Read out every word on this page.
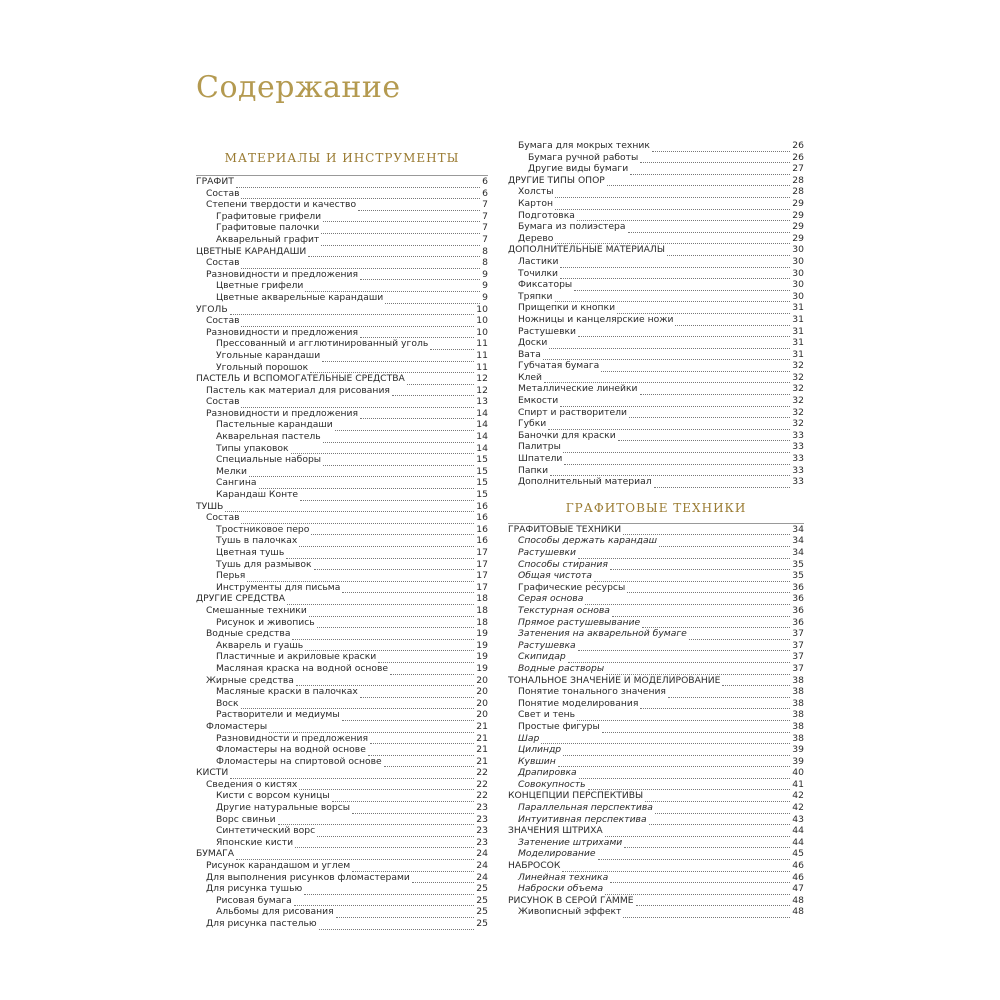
Содержание
МАТЕРИАЛЫ И ИНСТРУМЕНТЫ
ГРАФИТ	6
Состав	6
Степени твердости и качество	7
Графитовые грифели	7
Графитовые палочки	7
Акварельный графит	7
ЦВЕТНЫЕ КАРАНДАШИ	8
Состав	8
Разновидности и предложения	9
Цветные грифели	9
Цветные акварельные карандаши	9
УГОЛЬ	10
Состав	10
Разновидности и предложения	10
Прессованный и агглютинированный уголь	11
Угольные карандаши	11
Угольный порошок	11
ПАСТЕЛЬ И ВСПОМОГАТЕЛЬНЫЕ СРЕДСТВА	12
Пастель как материал для рисования	12
Состав	13
Разновидности и предложения	14
Пастельные карандаши	14
Акварельная пастель	14
Типы упаковок	14
Специальные наборы	15
Мелки	15
Сангина	15
Карандаш Конте	15
ТУШЬ	16
Состав	16
Тростниковое перо	16
Тушь в палочках	16
Цветная тушь	17
Тушь для размывок	17
Перья	17
Инструменты для письма	17
ДРУГИЕ СРЕДСТВА	18
Смешанные техники	18
Рисунок и живопись	18
Водные средства	19
Акварель и гуашь	19
Пластичные и акриловые краски	19
Масляная краска на водной основе	19
Жирные средства	20
Масляные краски в палочках	20
Воск	20
Растворители и медиумы	20
Фломастеры	21
Разновидности и предложения	21
Фломастеры на водной основе	21
Фломастеры на спиртовой основе	21
КИСТИ	22
Сведения о кистях	22
Кисти с ворсом куницы	22
Другие натуральные ворсы	23
Ворс свиньи	23
Синтетический ворс	23
Японские кисти	23
БУМАГА	24
Рисунок карандашом и углем	24
Для выполнения рисунков фломастерами	24
Для рисунка тушью	25
Рисовая бумага	25
Альбомы для рисования	25
Для рисунка пастелью	25
Бумага для мокрых техник	26
Бумага ручной работы	26
Другие виды бумаги	27
ДРУГИЕ ТИПЫ ОПОР	28
Холсты	28
Картон	29
Подготовка	29
Бумага из полиэстера	29
Дерево	29
ДОПОЛНИТЕЛЬНЫЕ МАТЕРИАЛЫ	30
Ластики	30
Точилки	30
Фиксаторы	30
Тряпки	30
Прищепки и кнопки	31
Ножницы и канцелярские ножи	31
Растушевки	31
Доски	31
Вата	31
Губчатая бумага	32
Клей	32
Металлические линейки	32
Емкости	32
Спирт и растворители	32
Губки	32
Баночки для краски	33
Палитры	33
Шпатели	33
Папки	33
Дополнительный материал	33
ГРАФИТОВЫЕ ТЕХНИКИ
ГРАФИТОВЫЕ ТЕХНИКИ	34
Способы держать карандаш	34
Растушевки	34
Способы стирания	35
Общая чистота	35
Графические ресурсы	36
Серая основа	36
Текстурная основа	36
Прямое растушевывание	36
Затенения на акварельной бумаге	37
Растушевка	37
Скипидар	37
Водные растворы	37
ТОНАЛЬНОЕ ЗНАЧЕНИЕ И МОДЕЛИРОВАНИЕ	38
Понятие тонального значения	38
Понятие моделирования	38
Свет и тень	38
Простые фигуры	38
Шар	38
Цилиндр	39
Кувшин	39
Драпировка	40
Совокупность	41
КОНЦЕПЦИИ ПЕРСПЕКТИВЫ	42
Параллельная перспектива	42
Интуитивная перспектива	43
ЗНАЧЕНИЯ ШТРИХА	44
Затенение штрихами	44
Моделирование	45
НАБРОСОК	46
Линейная техника	46
Наброски объема	47
РИСУНОК В СЕРОЙ ГАММЕ	48
Живописный эффект	48
